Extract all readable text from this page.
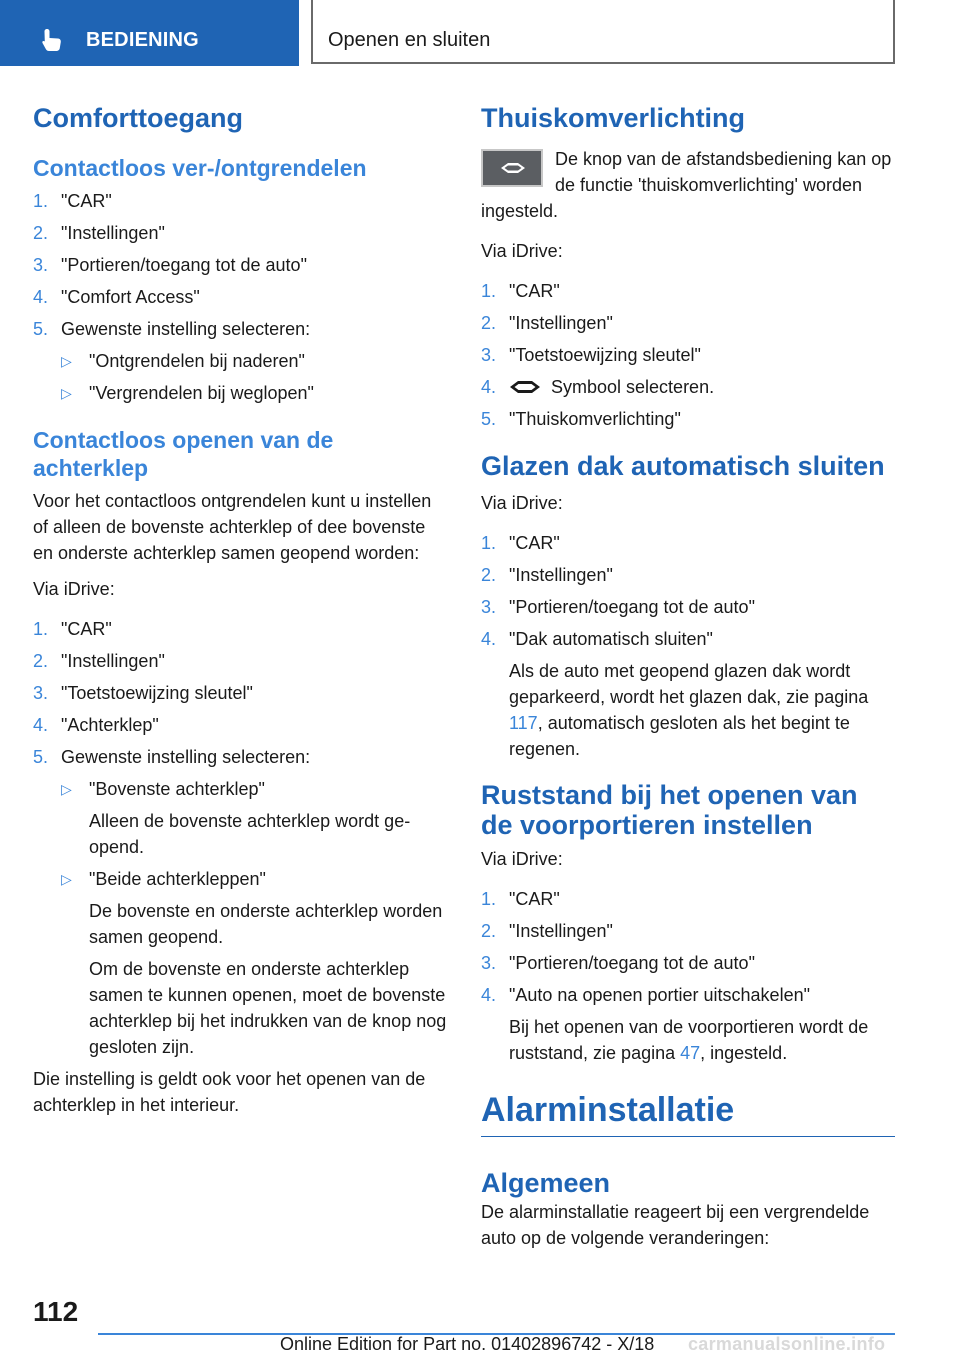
BEDIENING	Openen en sluiten
Comforttoegang
Contactloos ver-/ontgrendelen
1. "CAR"
2. "Instellingen"
3. "Portieren/toegang tot de auto"
4. "Comfort Access"
5. Gewenste instelling selecteren:
▷ "Ontgrendelen bij naderen"
▷ "Vergrendelen bij weglopen"
Contactloos openen van de achterklep

Voor het contactloos ontgrendelen kunt u instellen of alleen de bovenste achterklep of dee bovenste en onderste achterklep samen geopend worden:

Via iDrive:

1. "CAR"
2. "Instellingen"
3. "Toetstoewijzing sleutel"
4. "Achterklep"
5. Gewenste instelling selecteren:
▷ "Bovenste achterklep"
Alleen de bovenste achterklep wordt geopend.
▷ "Beide achterkleppen"
De bovenste en onderste achterklep worden samen geopend.
Om de bovenste en onderste achterklep samen te kunnen openen, moet de bovenste achterklep bij het indrukken van de knop nog gesloten zijn.

Die instelling is geldt ook voor het openen van de achterklep in het interieur.

Thuiskomverlichting

De knop van de afstandsbediening kan op de functie 'thuiskomverlichting' worden ingesteld.

Via iDrive:

1. "CAR"
2. "Instellingen"
3. "Toetstoewijzing sleutel"
4.	Symbool selecteren.
5. "Thuiskomverlichting"
Glazen dak automatisch sluiten

Via iDrive:

1. "CAR"
2. "Instellingen"
3. "Portieren/toegang tot de auto"
4. "Dak automatisch sluiten"
Als de auto met geopend glazen dak wordt geparkeerd, wordt het glazen dak, zie pagina 117, automatisch gesloten als het begint te regenen.
Ruststand bij het openen van de voorportieren instellen

Via iDrive:

1. "CAR"
2. "Instellingen"
3. "Portieren/toegang tot de auto"
4. "Auto na openen portier uitschakelen"
Bij het openen van de voorportieren wordt de ruststand, zie pagina 47, ingesteld.
Alarminstallatie
Algemeen

De alarminstallatie reageert bij een vergrendelde auto op de volgende veranderingen:

112
Online Edition for Part no. 01402896742 - X/18 carmanualsonline.info
